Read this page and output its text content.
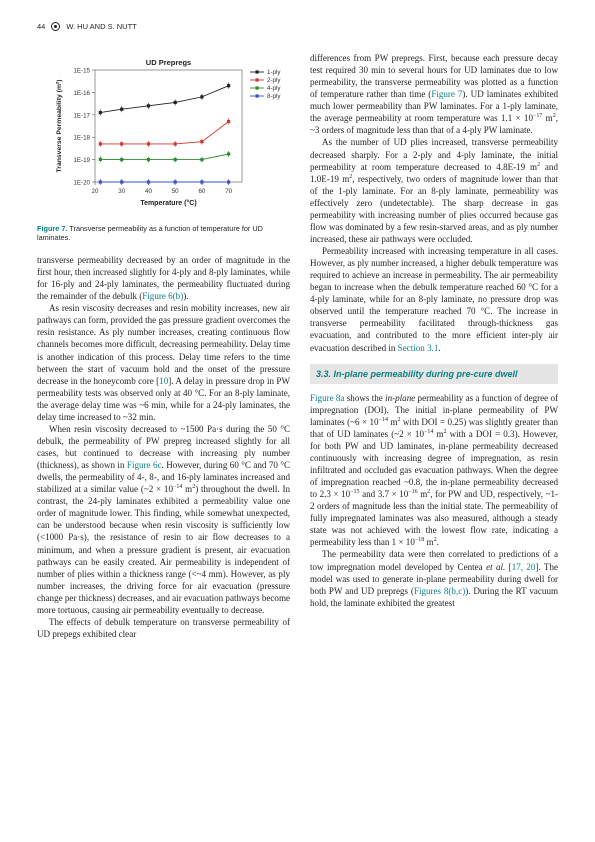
44	W. HU AND S. NUTT
1-ply
2-ply
4-ply
8-ply
1E-20
1E-19
1E-18
1E-17
1E-16
1E-15
20	30	40	50	60	70
UD Prepregs
Temperature (°C)
Transverse Permeability (m²)
Figure 7. Transverse permeability as a function of temperature for UD laminates.

transverse permeability decreased by an order of magnitude in the first hour, then increased slightly for 4-ply and 8-ply laminates, while for 16-ply and 24-ply laminates, the permeability fluctuated during the remainder of the debulk (Figure 6(b)).

As resin viscosity decreases and resin mobility increases, new air pathways can form, provided the gas pressure gradient overcomes the resin resistance. As ply number increases, creating continuous flow channels becomes more difficult, decreasing permeability. Delay time is another indication of this process. Delay time refers to the time between the start of vacuum hold and the onset of the pressure decrease in the honeycomb core [10]. A delay in pressure drop in PW permeability tests was observed only at 40 °C. For an 8-ply laminate, the average delay time was ~6 min, while for a 24-ply laminates, the delay time increased to ~32 min.

When resin viscosity decreased to ~1500 Pa·s during the 50 °C debulk, the permeability of PW prepreg increased slightly for all cases, but continued to decrease with increasing ply number (thickness), as shown in Figure 6c. However, during 60 °C and 70 °C dwells, the permeability of 4-, 8-, and 16-ply laminates increased and stabilized at a similar value (~2 × $10^{-14}$ $m^2$) throughout the dwell. In contrast, the 24-ply laminates exhibited a permeability value one order of magnitude lower. This finding, while somewhat unexpected, can be understood because when resin viscosity is sufficiently low (<1000 Pa·s), the resistance of resin to air flow decreases to a minimum, and when a pressure gradient is present, air evacuation pathways can be easily created. Air permeability is independent of number of plies within a thickness range (<~4 mm). However, as ply number increases, the driving force for air evacuation (pressure change per thickness) decreases, and air evacuation pathways become more tortuous, causing air permeability eventually to decrease.

The effects of debulk temperature on transverse permeability of UD prepegs exhibited clear

differences from PW prepregs. First, because each pressure decay test required 30 min to several hours for UD laminates due to low permeability, the transverse permeability was plotted as a function of temperature rather than time (Figure 7). UD laminates exhibited much lower permeability than PW laminates. For a 1-ply laminate, the average permeability at room temperature was $1.1 \times 10^{-17}$ $m^2$, ~3 orders of magnitude less than that of a 4-ply PW laminate.

As the number of UD plies increased, transverse permeability decreased sharply. For a 2-ply and 4-ply laminate, the initial permeability at room temperature decreased to 4.8E-19 $m^2$ and 1.0E-19 $m^2$, respectively, two orders of magnitude lower than that of the 1-ply laminate. For an 8-ply laminate, permeability was effectively zero (undetectable). The sharp decrease in gas permeability with increasing number of plies occurred because gas flow was dominated by a few resin-starved areas, and as ply number increased, these air pathways were occluded.

Permeability increased with increasing temperature in all cases. However, as ply number increased, a higher debulk temperature was required to achieve an increase in permeability. The air permeability began to increase when the debulk temperature reached 60 °C for a 4-ply laminate, while for an 8-ply laminate, no pressure drop was observed until the temperature reached 70 °C. The increase in transverse permeability facilitated through-thickness gas evacuation, and contributed to the more efficient inter-ply air evacuation described in Section 3.1.

3.3. In-plane permeability during pre-cure dwell

Figure 8a shows the in-plane permeability as a function of degree of impregnation (DOI). The initial in-plane permeability of PW laminates (~6 × $10^{-14}$ $m^2$ with DOI = 0.25) was slightly greater than that of UD laminates (~2 × $10^{-14}$ $m^2$ with a DOI = 0.3). However, for both PW and UD laminates, in-plane permeability decreased continuously with increasing degree of impregnation, as resin infiltrated and occluded gas evacuation pathways. When the degree of impregnation reached ~0.8, the in-plane permeability decreased to $2.3 \times 10^{-15}$ and $3.7 \times 10^{-16}$ $m^2$, for PW and UD, respectively, ~1-2 orders of magnitude less than the initial state. The permeability of fully impregnated laminates was also measured, although a steady state was not achieved with the lowest flow rate, indicating a permeability less than $1 \times 10^{-18}$ $m^2$.

The permeability data were then correlated to predictions of a tow impregnation model developed by Centea et al. [17, 20]. The model was used to generate in-plane permeability during dwell for both PW and UD prepregs (Figures 8(b,c)). During the RT vacuum hold, the laminate exhibited the greatest
